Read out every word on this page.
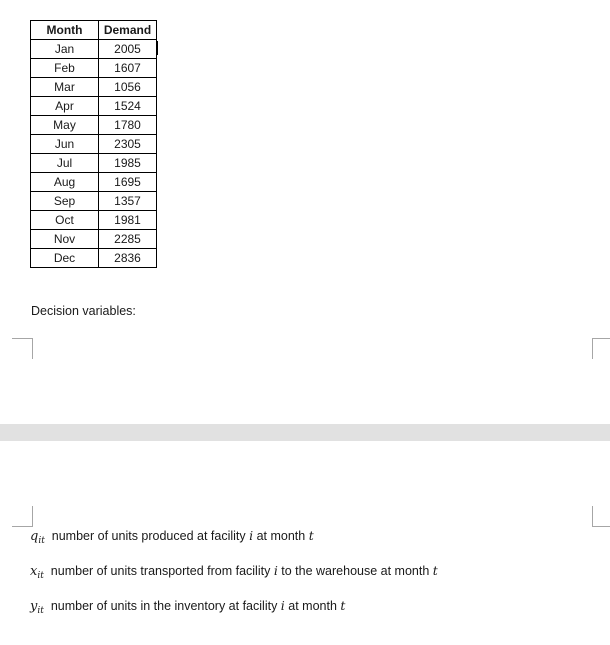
Month	Demand
Jan	2005
Feb	1607
Mar	1056
Apr	1524
May	1780
Jun	2305
Jul	1985
Aug	1695
Sep	1357
Oct	1981
Nov	2285
Dec	2836
Decision variables:
$q_{it}$ number of units produced at facility i at month t
$x_{it}$ number of units transported from facility i to the warehouse at month t
$y_{it}$ number of units in the inventory at facility i at month t
